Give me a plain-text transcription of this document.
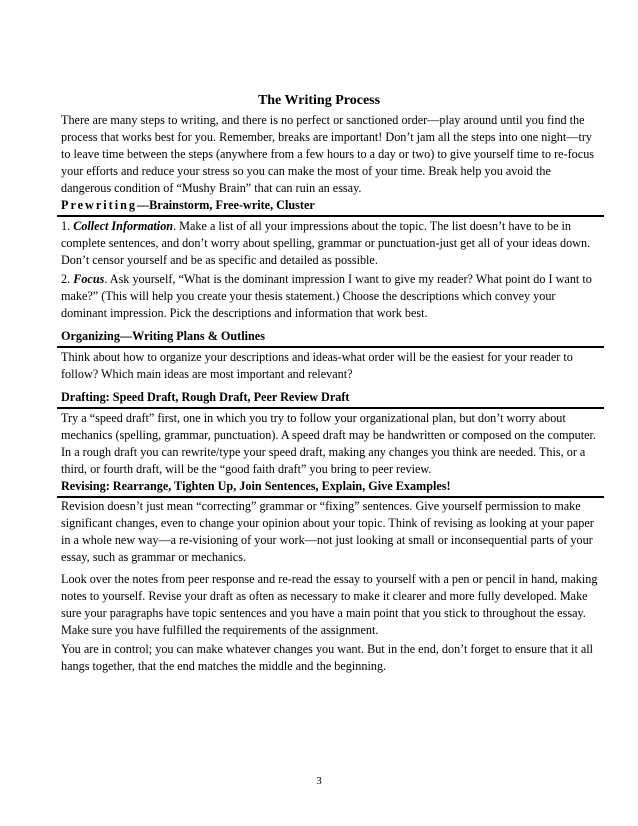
The Writing Process

There are many steps to writing, and there is no perfect or sanctioned order—play around until you find the process that works best for you. Remember, breaks are important! Don’t jam all the steps into one night—try to leave time between the steps (anywhere from a few hours to a day or two) to give yourself time to re-focus your efforts and reduce your stress so you can make the most of your time. Break help you avoid the dangerous condition of “Mushy Brain” that can ruin an essay.

Prewriting—Brainstorm, Free-write, Cluster

1. Collect Information. Make a list of all your impressions about the topic. The list doesn’t have to be in complete sentences, and don’t worry about spelling, grammar or punctuation-just get all of your ideas down. Don’t censor yourself and be as specific and detailed as possible.

2. Focus. Ask yourself, “What is the dominant impression I want to give my reader? What point do I want to make?” (This will help you create your thesis statement.) Choose the descriptions which convey your dominant impression. Pick the descriptions and information that work best.

Organizing—Writing Plans & Outlines

Think about how to organize your descriptions and ideas-what order will be the easiest for your reader to follow? Which main ideas are most important and relevant?

Drafting: Speed Draft, Rough Draft, Peer Review Draft

Try a “speed draft” first, one in which you try to follow your organizational plan, but don’t worry about mechanics (spelling, grammar, punctuation). A speed draft may be handwritten or composed on the computer. In a rough draft you can rewrite/type your speed draft, making any changes you think are needed. This, or a third, or fourth draft, will be the “good faith draft” you bring to peer review.

Revising: Rearrange, Tighten Up, Join Sentences, Explain, Give Examples!

Revision doesn’t just mean “correcting” grammar or “fixing” sentences. Give yourself permission to make significant changes, even to change your opinion about your topic. Think of revising as looking at your paper in a whole new way—a re-visioning of your work—not just looking at small or inconsequential parts of your essay, such as grammar or mechanics.

Look over the notes from peer response and re-read the essay to yourself with a pen or pencil in hand, making notes to yourself. Revise your draft as often as necessary to make it clearer and more fully developed. Make sure your paragraphs have topic sentences and you have a main point that you stick to throughout the essay. Make sure you have fulfilled the requirements of the assignment.

You are in control; you can make whatever changes you want. But in the end, don’t forget to ensure that it all hangs together, that the end matches the middle and the beginning.

3
